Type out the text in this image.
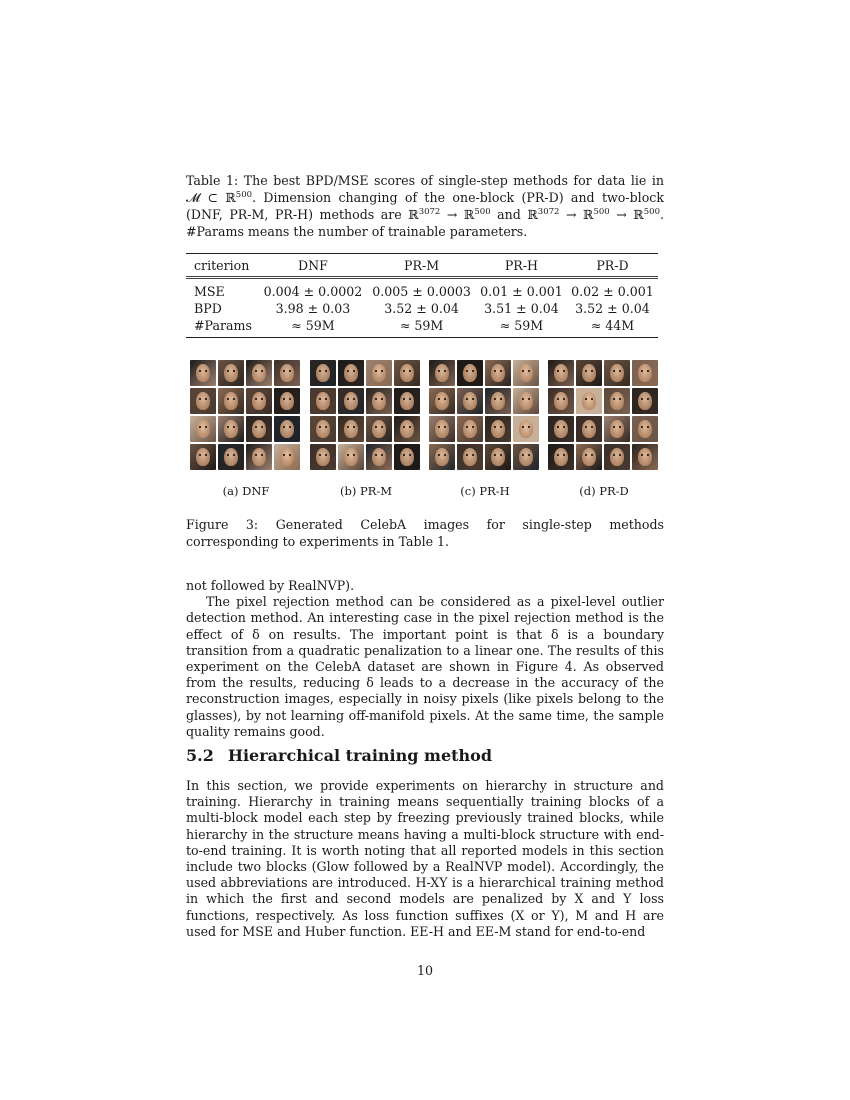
Table 1: The best BPD/MSE scores of single-step methods for data lie in 𝓜 ⊂ ℝ$^{500}$. Dimension changing of the one-block (PR-D) and two-block (DNF, PR-M, PR-H) methods are ℝ$^{3072}$ → ℝ$^{500}$ and ℝ$^{3072}$ → ℝ$^{500}$ → ℝ$^{500}$. #Params means the number of trainable parameters.

criterion	DNF	PR-M	PR-H	PR-D
MSE	0.004 ± 0.0002	0.005 ± 0.0003	0.01 ± 0.001	0.02 ± 0.001
BPD	3.98 ± 0.03	3.52 ± 0.04	3.51 ± 0.04	3.52 ± 0.04
#Params	≈ 59M	≈ 59M	≈ 59M	≈ 44M
(a) DNF	(b) PR-M	(c) PR-H	(d) PR-D

Figure 3: Generated CelebA images for single-step methods corresponding to experiments in Table 1.

not followed by RealNVP).

The pixel rejection method can be considered as a pixel-level outlier detection method. An interesting case in the pixel rejection method is the effect of δ on results. The important point is that δ is a boundary transition from a quadratic penalization to a linear one. The results of this experiment on the CelebA dataset are shown in Figure 4. As observed from the results, reducing δ leads to a decrease in the accuracy of the reconstruction images, especially in noisy pixels (like pixels belong to the glasses), by not learning off-manifold pixels. At the same time, the sample quality remains good.

5.2 Hierarchical training method

In this section, we provide experiments on hierarchy in structure and training. Hierarchy in training means sequentially training blocks of a multi-block model each step by freezing previously trained blocks, while hierarchy in the structure means having a multi-block structure with end-to-end training. It is worth noting that all reported models in this section include two blocks (Glow followed by a RealNVP model). Accordingly, the used abbreviations are introduced. H-XY is a hierarchical training method in which the first and second models are penalized by X and Y loss functions, respectively. As loss function suffixes (X or Y), M and H are used for MSE and Huber function. EE-H and EE-M stand for end-to-end

10
